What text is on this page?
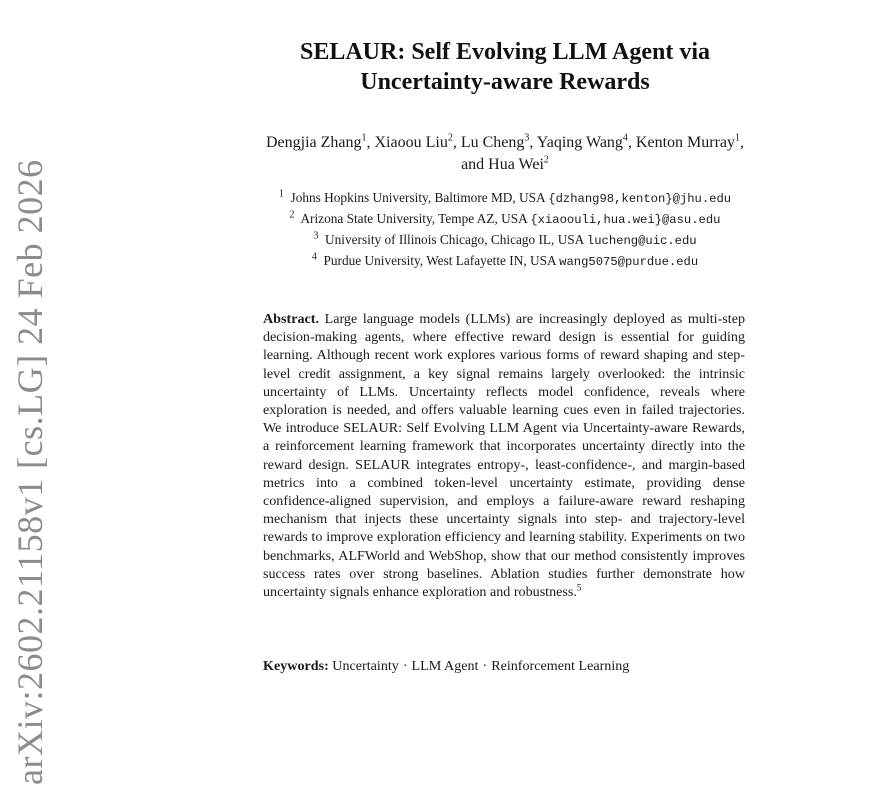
arXiv:2602.21158v1 [cs.LG] 24 Feb 2026
SELAUR: Self Evolving LLM Agent via
Uncertainty-aware Rewards
Dengjia Zhang$^1$, Xiaoou Liu$^2$, Lu Cheng$^3$, Yaqing Wang$^4$, Kenton Murray$^1$,
and Hua Wei$^2$
$^1$ Johns Hopkins University, Baltimore MD, USA {dzhang98,kenton}@jhu.edu
$^2$ Arizona State University, Tempe AZ, USA {xiaoouli,hua.wei}@asu.edu
$^3$ University of Illinois Chicago, Chicago IL, USA lucheng@uic.edu
$^4$ Purdue University, West Lafayette IN, USA wang5075@purdue.edu
Abstract. Large language models (LLMs) are increasingly deployed as multi-step decision-making agents, where effective reward design is essential for guiding learning. Although recent work explores various forms of reward shaping and step-level credit assignment, a key signal remains largely overlooked: the intrinsic uncertainty of LLMs. Uncertainty reflects model confidence, reveals where exploration is needed, and offers valuable learning cues even in failed trajectories. We introduce SELAUR: Self Evolving LLM Agent via Uncertainty-aware Rewards, a reinforcement learning framework that incorporates uncertainty directly into the reward design. SELAUR integrates entropy-, least-confidence-, and margin-based metrics into a combined token-level uncertainty estimate, providing dense confidence-aligned supervision, and employs a failure-aware reward reshaping mechanism that injects these uncertainty signals into step- and trajectory-level rewards to improve exploration efficiency and learning stability. Experiments on two benchmarks, ALFWorld and WebShop, show that our method consistently improves success rates over strong baselines. Ablation studies further demonstrate how uncertainty signals enhance exploration and robustness.$^5$
Keywords: Uncertainty · LLM Agent · Reinforcement Learning
